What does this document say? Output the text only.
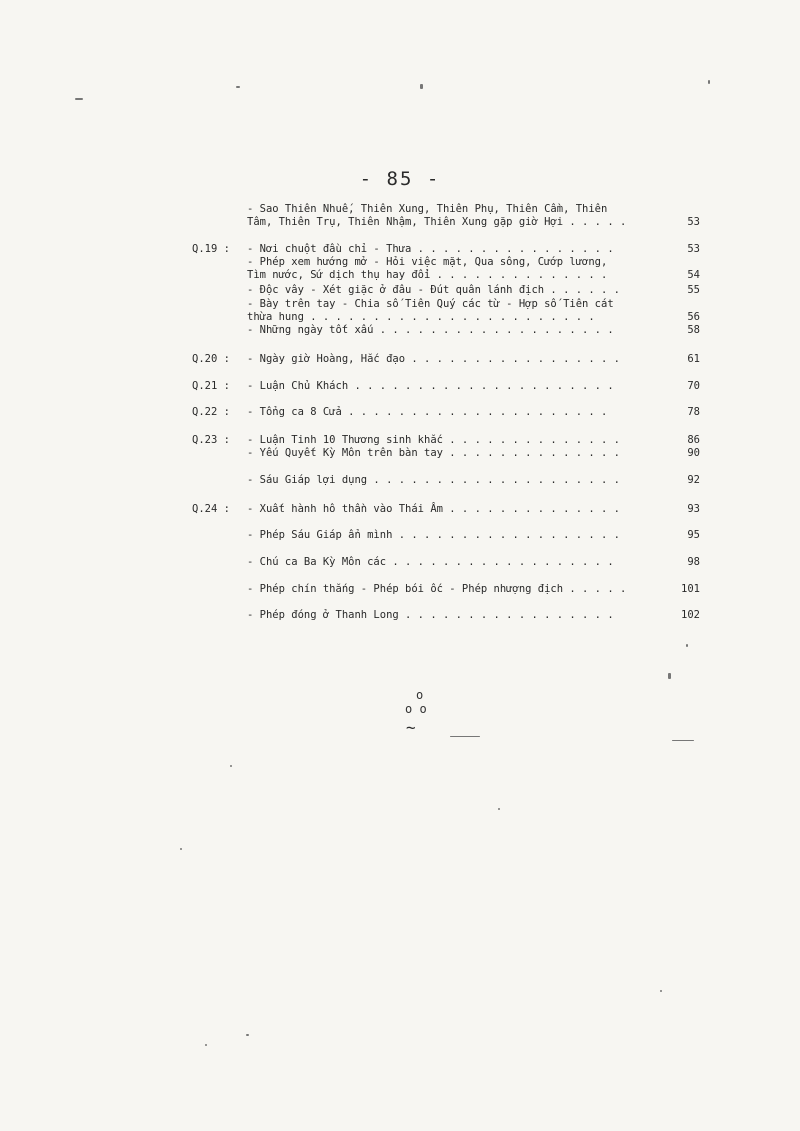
- 85 -
- Sao Thiên Nhuế, Thiên Xung, Thiên Phụ, Thiên Cầm, Thiên
Tâm, Thiên Trụ, Thiên Nhậm, Thiên Xung gặp giờ Hợi . . . . .	53
Q.19 : - Nơi chuột đầu chỉ - Thưa . . . . . . . . . . . . . . . .	53
- Phép xem hướng mở - Hỏi việc mặt, Qua sông, Cướp lương,
Tìm nước, Sứ dịch thụ hay đổi . . . . . . . . . . . . . .	54
- Độc vây - Xét giặc ở đâu - Đút quân lánh địch . . . . . .	55
- Bày trên tay - Chia số Tiên Quý các từ - Hợp số Tiên cát
thừa hung . . . . . . . . . . . . . . . . . . . . . . .	56
- Những ngày tốt xấu . . . . . . . . . . . . . . . . . . .	58
Q.20 : - Ngày giờ Hoàng, Hắc đạo . . . . . . . . . . . . . . . . .	61
Q.21 : - Luận Chủ Khách . . . . . . . . . . . . . . . . . . . . .	70
Q.22 : - Tổng ca 8 Cửa . . . . . . . . . . . . . . . . . . . . .	78
Q.23 : - Luận Tinh 10 Thương sinh khắc . . . . . . . . . . . . . .	86
- Yếu Quyết Kỳ Môn trên bàn tay . . . . . . . . . . . . . .	90
- Sáu Giáp lợi dụng . . . . . . . . . . . . . . . . . . . .	92
Q.24 : - Xuất hành hô thần vào Thái Âm . . . . . . . . . . . . . .	93
- Phép Sáu Giáp ẩn mình . . . . . . . . . . . . . . . . . .	95
- Chú ca Ba Kỳ Môn các . . . . . . . . . . . . . . . . . .	98
- Phép chín thắng - Phép bói ốc - Phép nhượng địch . . . . .	101
- Phép đóng ở Thanh Long . . . . . . . . . . . . . . . . .	102
o
o o
~
